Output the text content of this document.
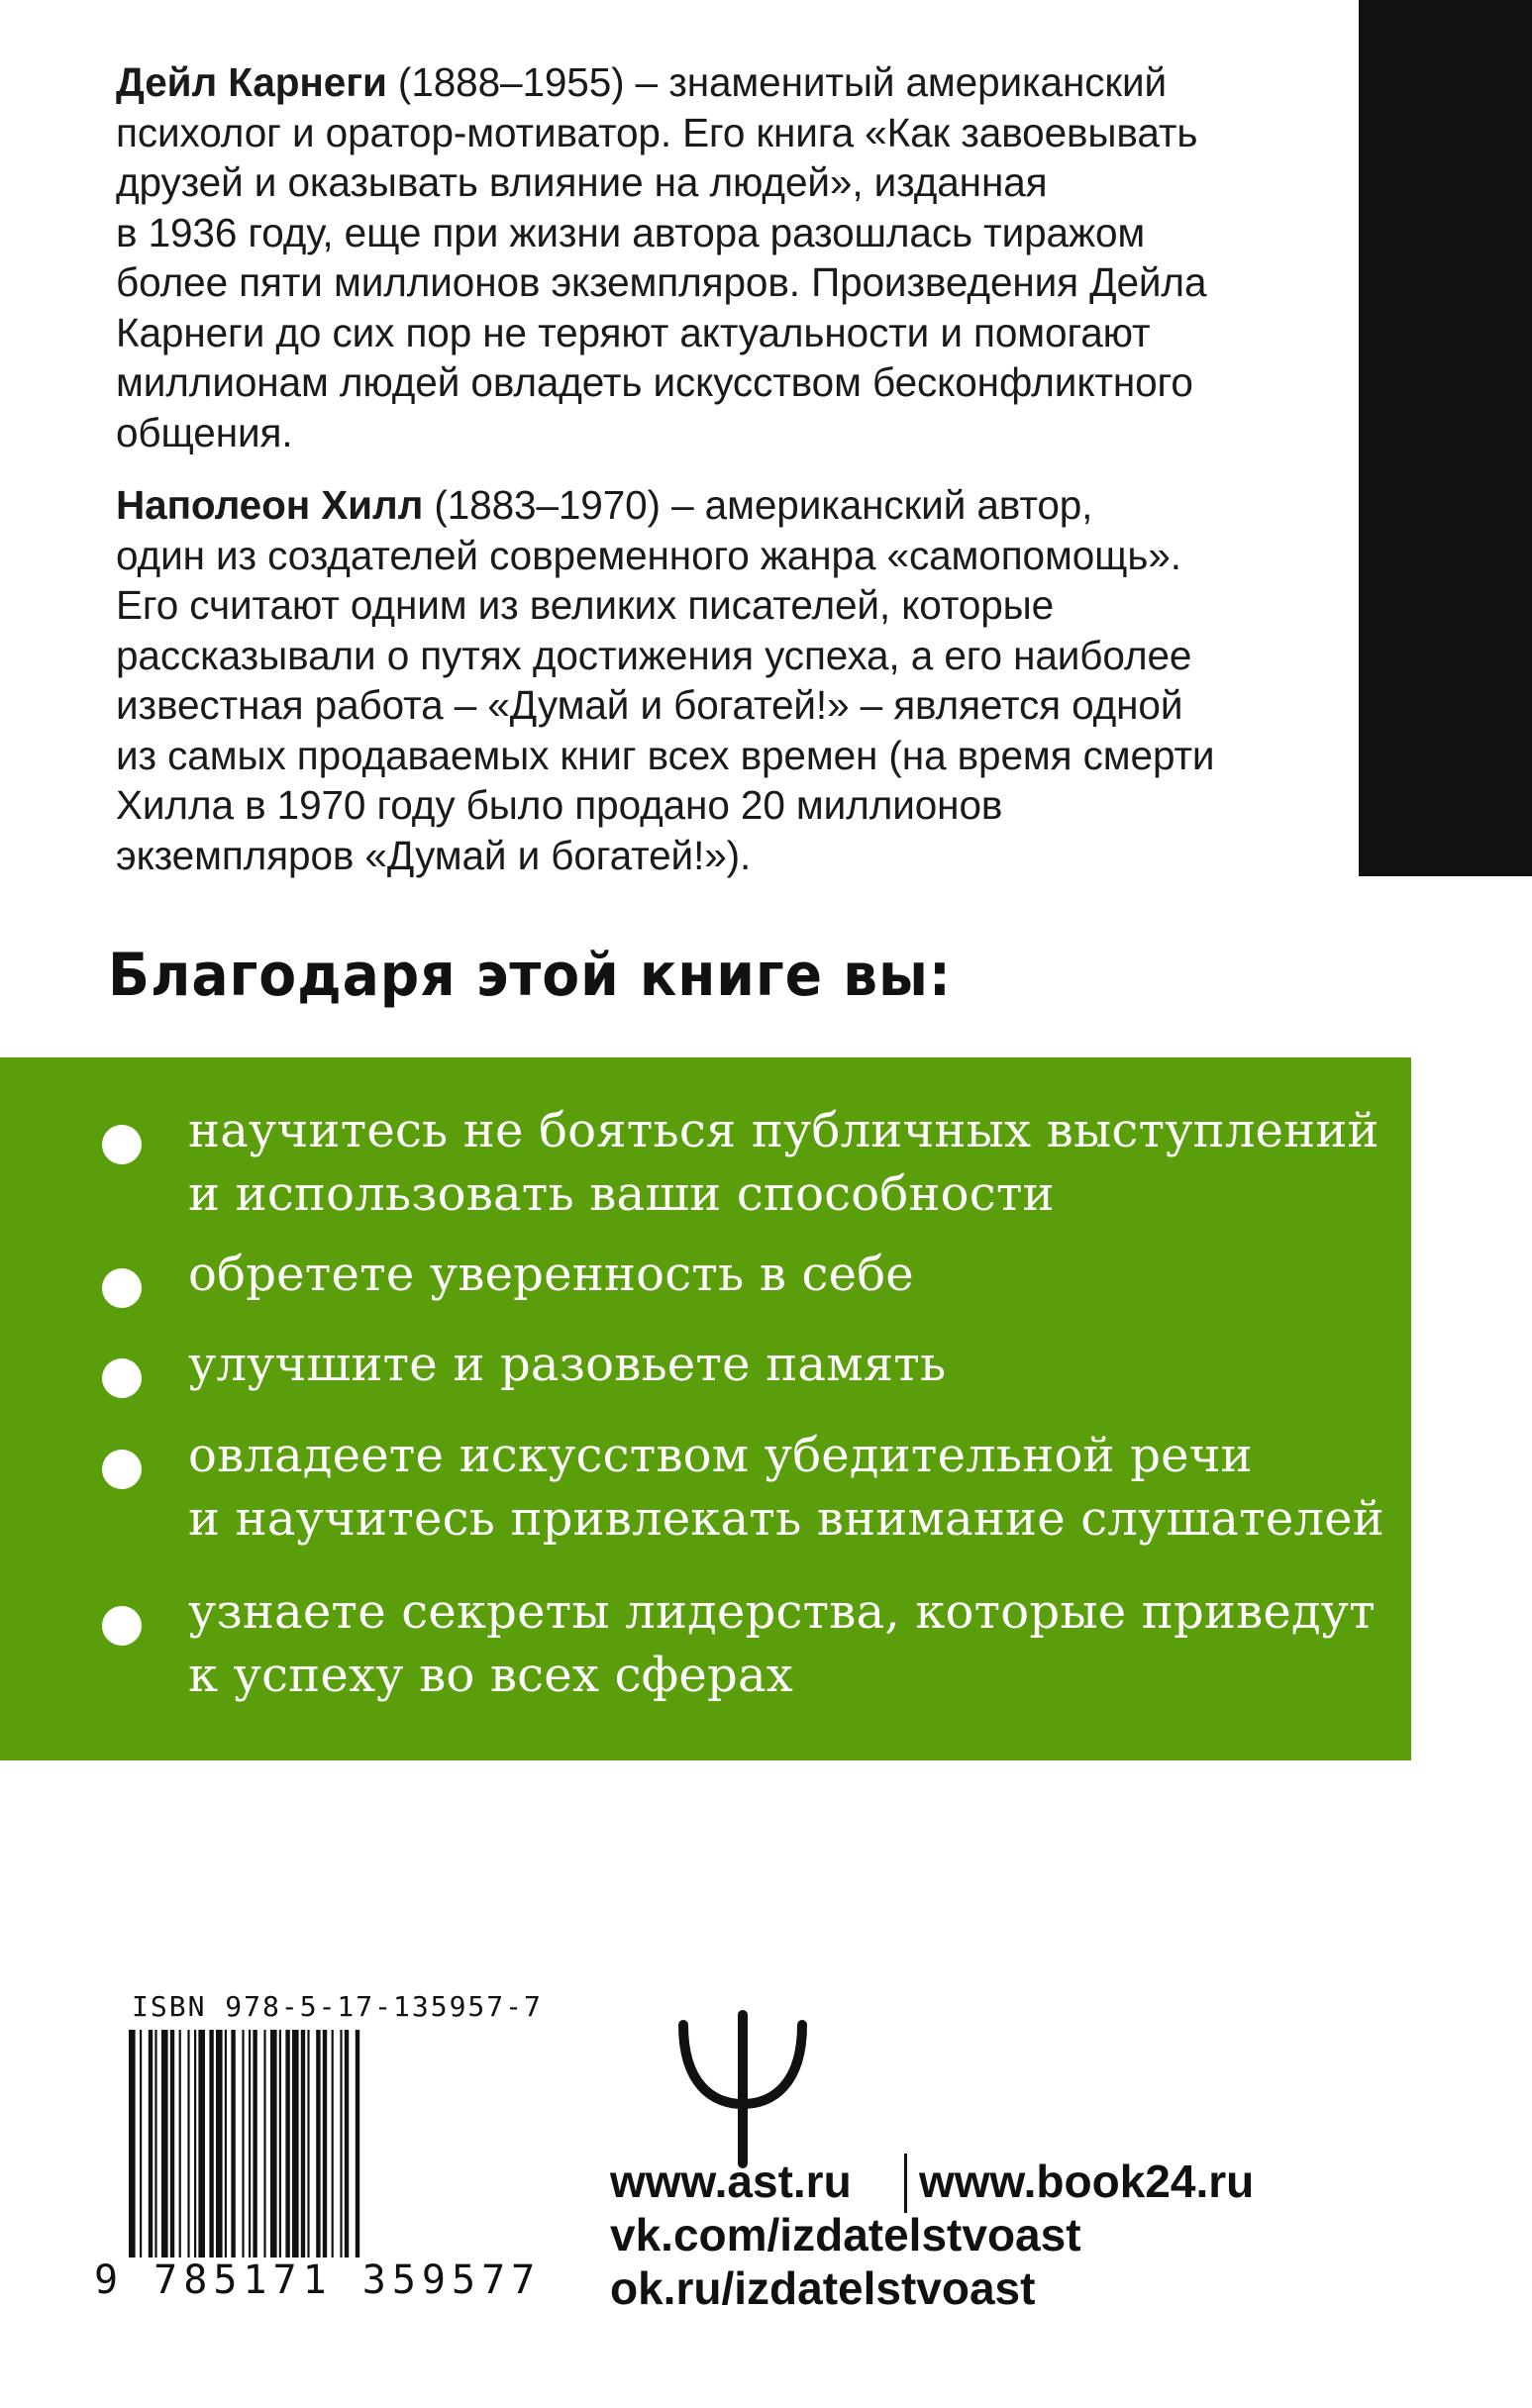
Дейл Карнеги (1888–1955) – знаменитый американский
психолог и оратор-мотиватор. Его книга «Как завоевывать
друзей и оказывать влияние на людей», изданная
в 1936 году, еще при жизни автора разошлась тиражом
более пяти миллионов экземпляров. Произведения Дейла
Карнеги до сих пор не теряют актуальности и помогают
миллионам людей овладеть искусством бесконфликтного
общения.
Наполеон Хилл (1883–1970) – американский автор,
один из создателей современного жанра «самопомощь».
Его считают одним из великих писателей, которые
рассказывали о путях достижения успеха, а его наиболее
известная работа – «Думай и богатей!» – является одной
из самых продаваемых книг всех времен (на время смерти
Хилла в 1970 году было продано 20 миллионов
экземпляров «Думай и богатей!»).
Благодаря этой книге вы:
научитесь не бояться публичных выступлений
и использовать ваши способности
обретете уверенность в себе
улучшите и разовьете память
овладеете искусством убедительной речи
и научитесь привлекать внимание слушателей
узнаете секреты лидерства, которые приведут
к успеху во всех сферах
ISBN 978-5-17-135957-7
9 785171 359577
www.ast.ru www.book24.ru
vk.com/izdatelstvoast
ok.ru/izdatelstvoast
